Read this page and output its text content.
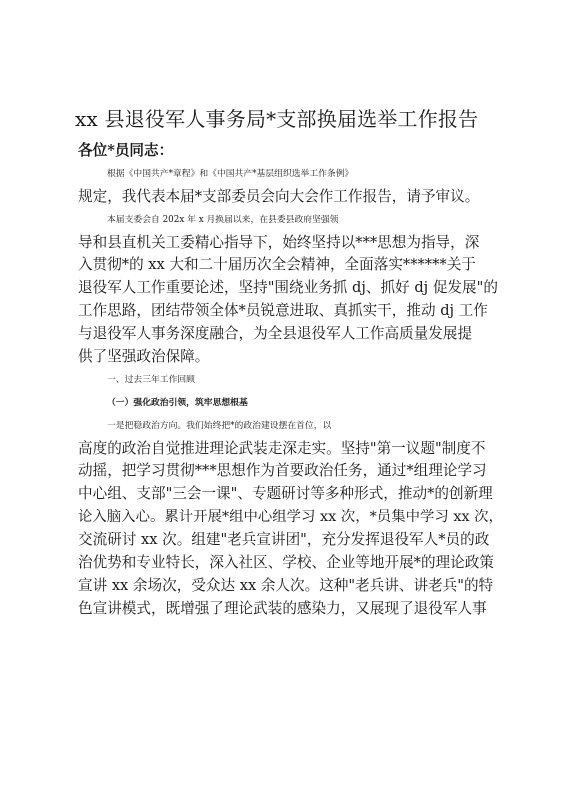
xx 县退役军人事务局*支部换届选举工作报告
各位*员同志：
根据《中国共产*章程》和《中国共产*基层组织选举工作条例》
规定，我代表本届*支部委员会向大会作工作报告，请予审议。
本届支委会自 202x 年 x 月换届以来，在县委县政府坚强领
导和县直机关工委精心指导下，始终坚持以***思想为指导，深
入贯彻*的 xx 大和二十届历次全会精神，全面落实******关于
退役军人工作重要论述，坚持"围绕业务抓 dj、抓好 dj 促发展"的
工作思路，团结带领全体*员锐意进取、真抓实干，推动 dj 工作
与退役军人事务深度融合，为全县退役军人工作高质量发展提
供了坚强政治保障。
一、过去三年工作回顾
（一）强化政治引领，筑牢思想根基
一是把稳政治方向。我们始终把*的政治建设摆在首位，以
高度的政治自觉推进理论武装走深走实。坚持"第一议题"制度不
动摇，把学习贯彻***思想作为首要政治任务，通过*组理论学习
中心组、支部"三会一课"、专题研讨等多种形式，推动*的创新理
论入脑入心。累计开展*组中心组学习 xx 次，*员集中学习 xx 次，
交流研讨 xx 次。组建"老兵宣讲团"，充分发挥退役军人*员的政
治优势和专业特长，深入社区、学校、企业等地开展*的理论政策
宣讲 xx 余场次，受众达 xx 余人次。这种"老兵讲、讲老兵"的特
色宣讲模式，既增强了理论武装的感染力，又展现了退役军人事
